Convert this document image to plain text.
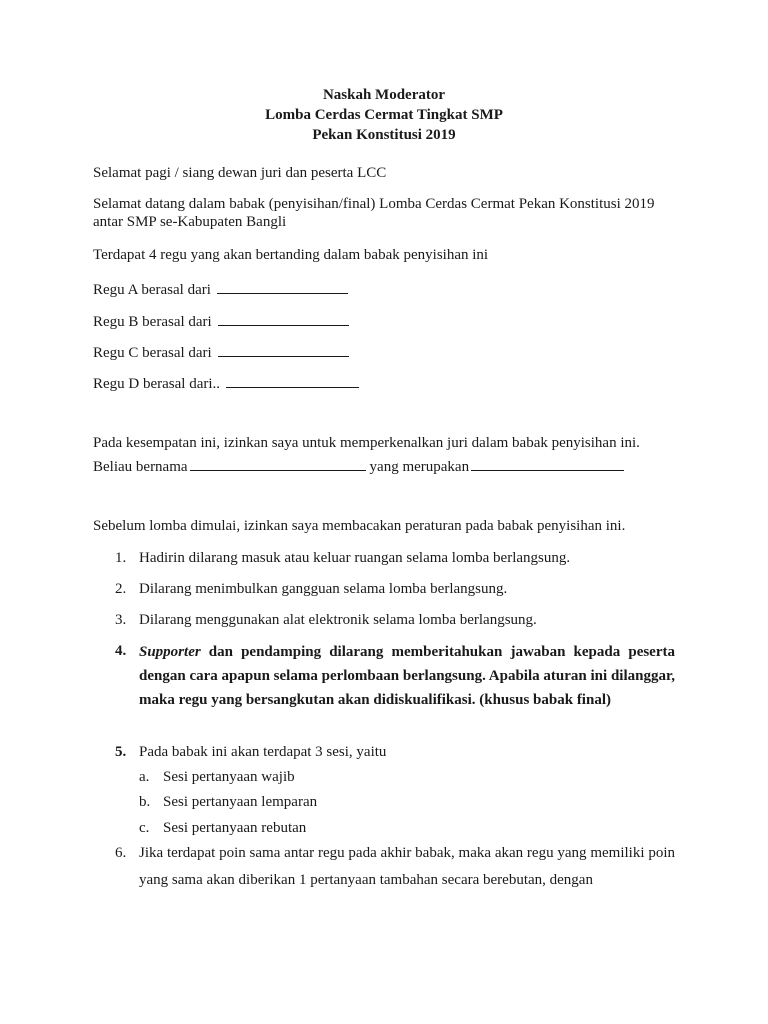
Naskah Moderator
Lomba Cerdas Cermat Tingkat SMP
Pekan Konstitusi 2019
Selamat pagi / siang dewan juri dan peserta LCC
Selamat datang dalam babak (penyisihan/final) Lomba Cerdas Cermat Pekan Konstitusi 2019
antar SMP se-Kabupaten Bangli
Terdapat 4 regu yang akan bertanding dalam babak penyisihan ini
Regu A berasal dari
Regu B berasal dari
Regu C berasal dari
Regu D berasal dari..
Pada kesempatan ini, izinkan saya untuk memperkenalkan juri dalam babak penyisihan ini.
Beliau bernama	yang merupakan
Sebelum lomba dimulai, izinkan saya membacakan peraturan pada babak penyisihan ini.
1. Hadirin dilarang masuk atau keluar ruangan selama lomba berlangsung.
2. Dilarang menimbulkan gangguan selama lomba berlangsung.
3. Dilarang menggunakan alat elektronik selama lomba berlangsung.
4. Supporter dan pendamping dilarang memberitahukan jawaban kepada peserta dengan cara apapun selama perlombaan berlangsung. Apabila aturan ini dilanggar, maka regu yang bersangkutan akan didiskualifikasi. (khusus babak final)
5. Pada babak ini akan terdapat 3 sesi, yaitu
a. Sesi pertanyaan wajib
b. Sesi pertanyaan lemparan
c. Sesi pertanyaan rebutan
6. Jika terdapat poin sama antar regu pada akhir babak, maka akan regu yang memiliki poin yang sama akan diberikan 1 pertanyaan tambahan secara berebutan, dengan
